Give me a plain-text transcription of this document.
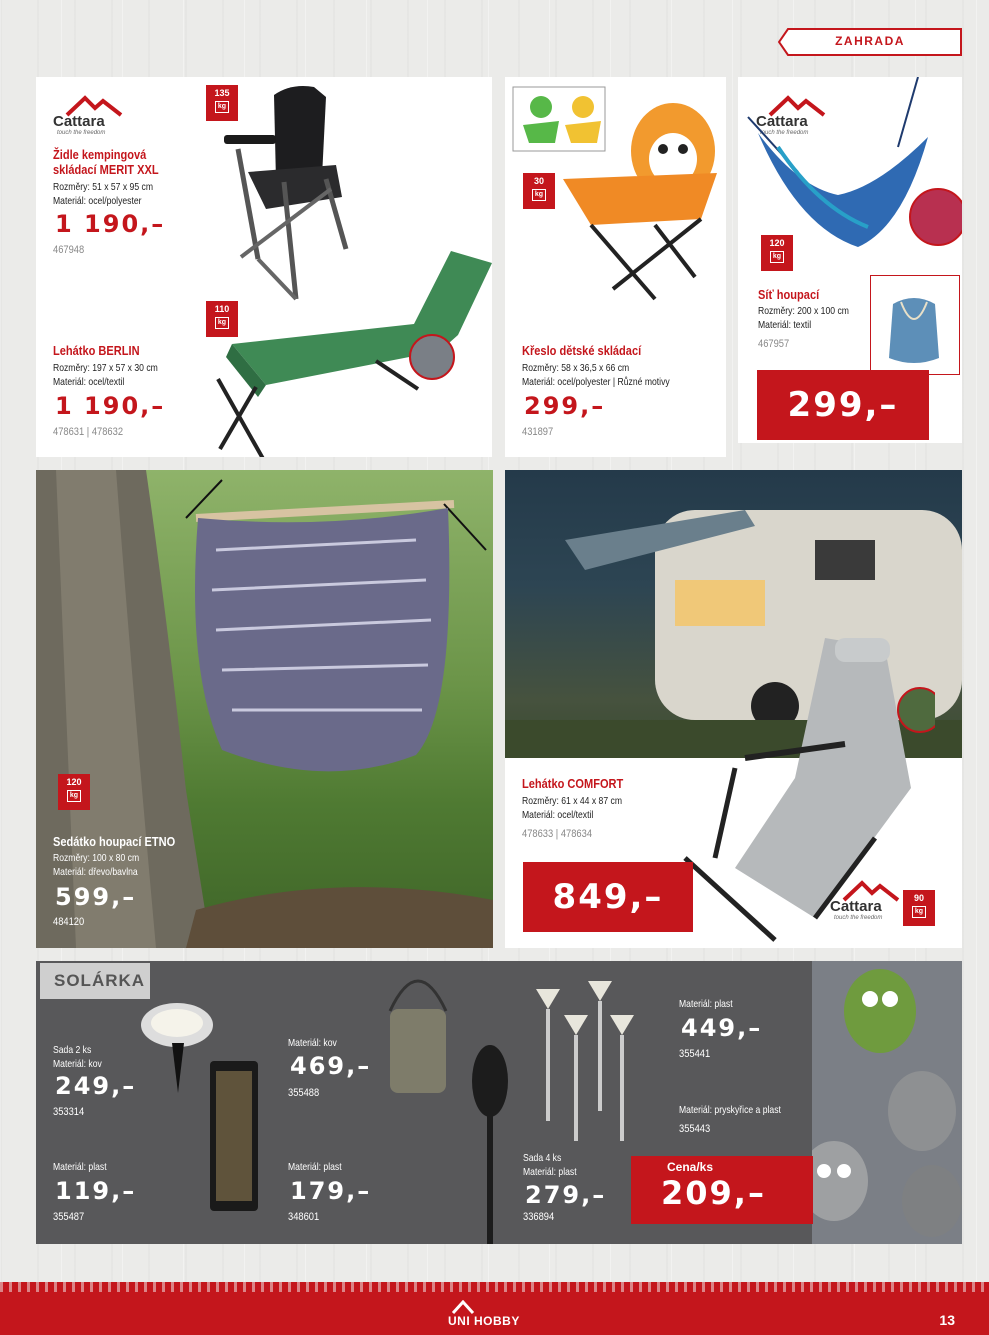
ZAHRADA
Cattara
touch the freedom
Židle kempingová
skládací MERIT XXL
Rozměry: 51 x 57 x 95 cm
Materiál: ocel/polyester
1 190,–
467948
135
kg
Lehátko BERLIN
Rozměry: 197 x 57 x 30 cm
Materiál: ocel/textil
1 190,–
478631 | 478632
110
kg
30
kg
Křeslo dětské skládací
Rozměry: 58 x 36,5 x 66 cm
Materiál: ocel/polyester | Různé motivy
299,–
431897
Cattara
touch the freedom
120
kg
Síť houpací
Rozměry: 200 x 100 cm
Materiál: textil
467957
299,–
120
kg
Sedátko houpací ETNO
Rozměry: 100 x 80 cm
Materiál: dřevo/bavlna
599,–
484120
Lehátko COMFORT
Rozměry: 61 x 44 x 87 cm
Materiál: ocel/textil
478633 | 478634
Cattara
touch the freedom
90
kg
849,–
SOLÁRKA
Sada 2 ks
Materiál: kov
249,–
353314
Materiál: plast
119,–
355487
Materiál: kov
469,–
355488
Materiál: plast
179,–
348601
Sada 4 ks
Materiál: plast
279,–
336894
Materiál: plast
449,–
355441
Materiál: pryskyřice a plast
355443
Cena/ks
209,–
UNI HOBBY	13
